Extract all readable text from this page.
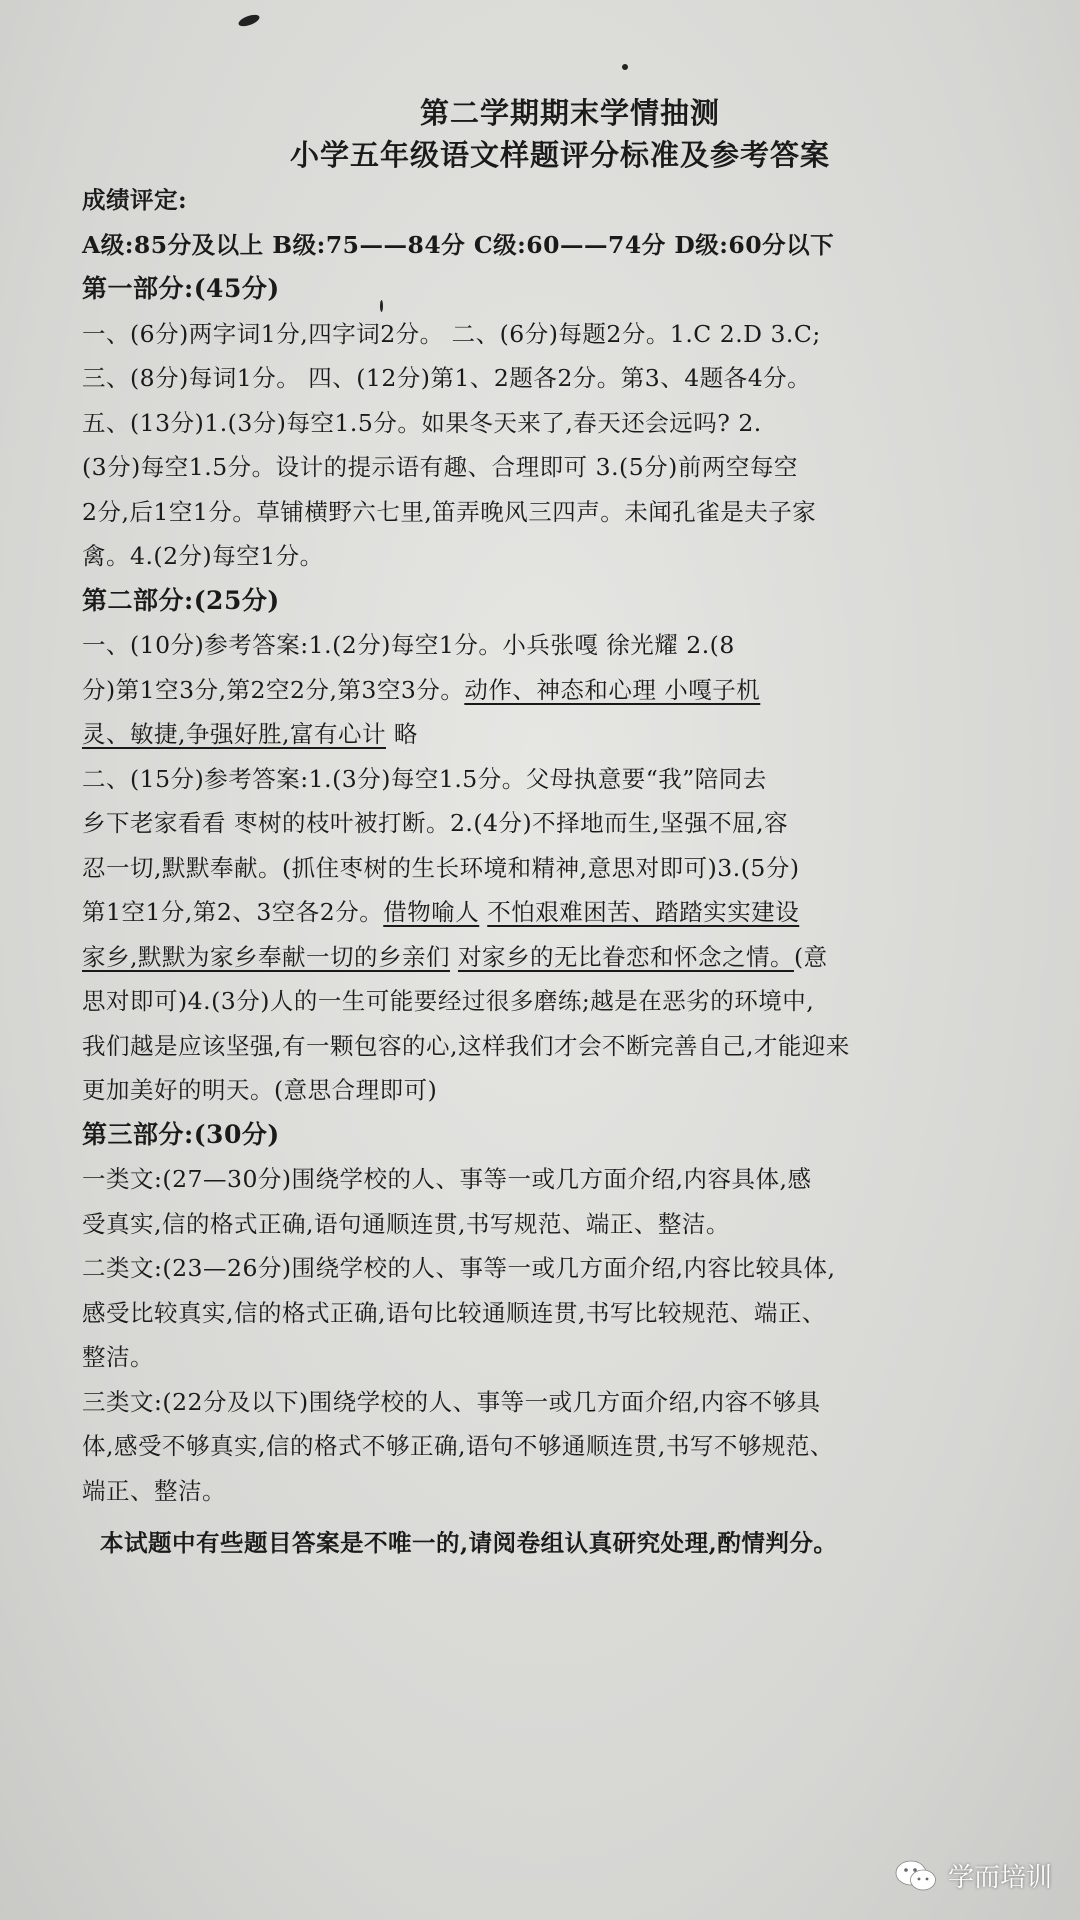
第二学期期末学情抽测
小学五年级语文样题评分标准及参考答案

成绩评定:

A级:85分及以上 B级:75——84分 C级:60——74分 D级:60分以下

第一部分:(45分)

一、(6分)两字词1分,四字词2分。 二、(6分)每题2分。1.C 2.D 3.C;

三、(8分)每词1分。 四、(12分)第1、2题各2分。第3、4题各4分。

五、(13分)1.(3分)每空1.5分。如果冬天来了,春天还会远吗? 2.

(3分)每空1.5分。设计的提示语有趣、合理即可 3.(5分)前两空每空

2分,后1空1分。草铺横野六七里,笛弄晚风三四声。未闻孔雀是夫子家

禽。4.(2分)每空1分。

第二部分:(25分)

一、(10分)参考答案:1.(2分)每空1分。小兵张嘎 徐光耀 2.(8

分)第1空3分,第2空2分,第3空3分。动作、神态和心理 小嘎子机

灵、敏捷,争强好胜,富有心计 略

二、(15分)参考答案:1.(3分)每空1.5分。父母执意要“我”陪同去

乡下老家看看 枣树的枝叶被打断。2.(4分)不择地而生,坚强不屈,容

忍一切,默默奉献。(抓住枣树的生长环境和精神,意思对即可)3.(5分)

第1空1分,第2、3空各2分。借物喻人 不怕艰难困苦、踏踏实实建设

家乡,默默为家乡奉献一切的乡亲们 对家乡的无比眷恋和怀念之情。(意

思对即可)4.(3分)人的一生可能要经过很多磨练;越是在恶劣的环境中,

我们越是应该坚强,有一颗包容的心,这样我们才会不断完善自己,才能迎来

更加美好的明天。(意思合理即可)

第三部分:(30分)

一类文:(27—30分)围绕学校的人、事等一或几方面介绍,内容具体,感

受真实,信的格式正确,语句通顺连贯,书写规范、端正、整洁。

二类文:(23—26分)围绕学校的人、事等一或几方面介绍,内容比较具体,

感受比较真实,信的格式正确,语句比较通顺连贯,书写比较规范、端正、

整洁。

三类文:(22分及以下)围绕学校的人、事等一或几方面介绍,内容不够具

体,感受不够真实,信的格式不够正确,语句不够通顺连贯,书写不够规范、

端正、整洁。

本试题中有些题目答案是不唯一的,请阅卷组认真研究处理,酌情判分。

学而培训
